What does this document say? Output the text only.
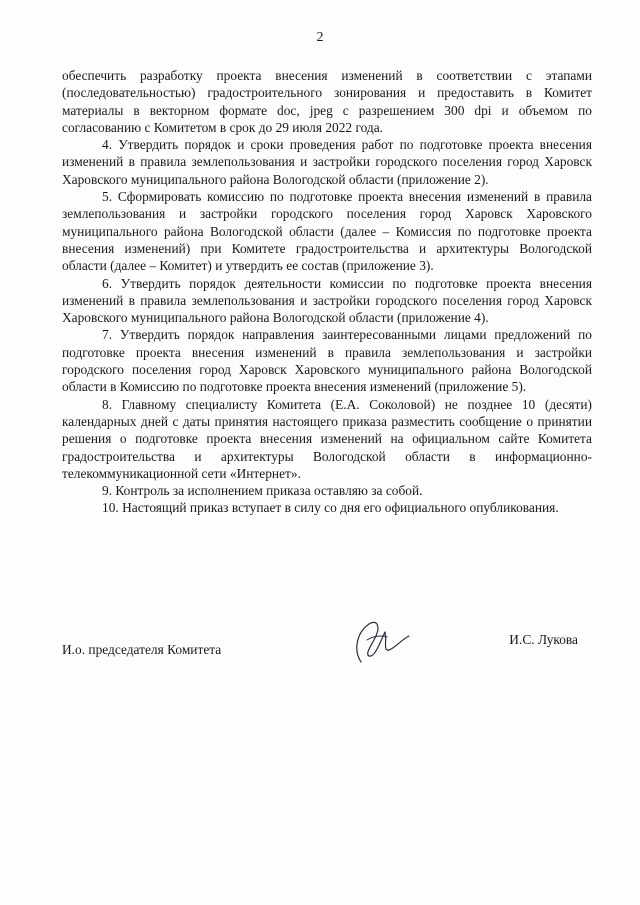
2

обеспечить разработку проекта внесения изменений в соответствии с этапами (последовательностью) градостроительного зонирования и предоставить в Комитет материалы в векторном формате doc, jpeg с разрешением 300 dpi и объемом по согласованию с Комитетом в срок до 29 июля 2022 года.

4. Утвердить порядок и сроки проведения работ по подготовке проекта внесения изменений в правила землепользования и застройки городского поселения город Харовск Харовского муниципального района Вологодской области (приложение 2).

5. Сформировать комиссию по подготовке проекта внесения изменений в правила землепользования и застройки городского поселения город Харовск Харовского муниципального района Вологодской области (далее – Комиссия по подготовке проекта внесения изменений) при Комитете градостроительства и архитектуры Вологодской области (далее – Комитет) и утвердить ее состав (приложение 3).

6. Утвердить порядок деятельности комиссии по подготовке проекта внесения изменений в правила землепользования и застройки городского поселения город Харовск Харовского муниципального района Вологодской области (приложение 4).

7. Утвердить порядок направления заинтересованными лицами предложений по подготовке проекта внесения изменений в правила землепользования и застройки городского поселения город Харовск Харовского муниципального района Вологодской области в Комиссию по подготовке проекта внесения изменений (приложение 5).

8. Главному специалисту Комитета (Е.А. Соколовой) не позднее 10 (десяти) календарных дней с даты принятия настоящего приказа разместить сообщение о принятии решения о подготовке проекта внесения изменений на официальном сайте Комитета градостроительства и архитектуры Вологодской области в информационно-телекоммуникационной сети «Интернет».

9. Контроль за исполнением приказа оставляю за собой.

10. Настоящий приказ вступает в силу со дня его официального опубликования.

И.о. председателя Комитета
И.С. Лукова
